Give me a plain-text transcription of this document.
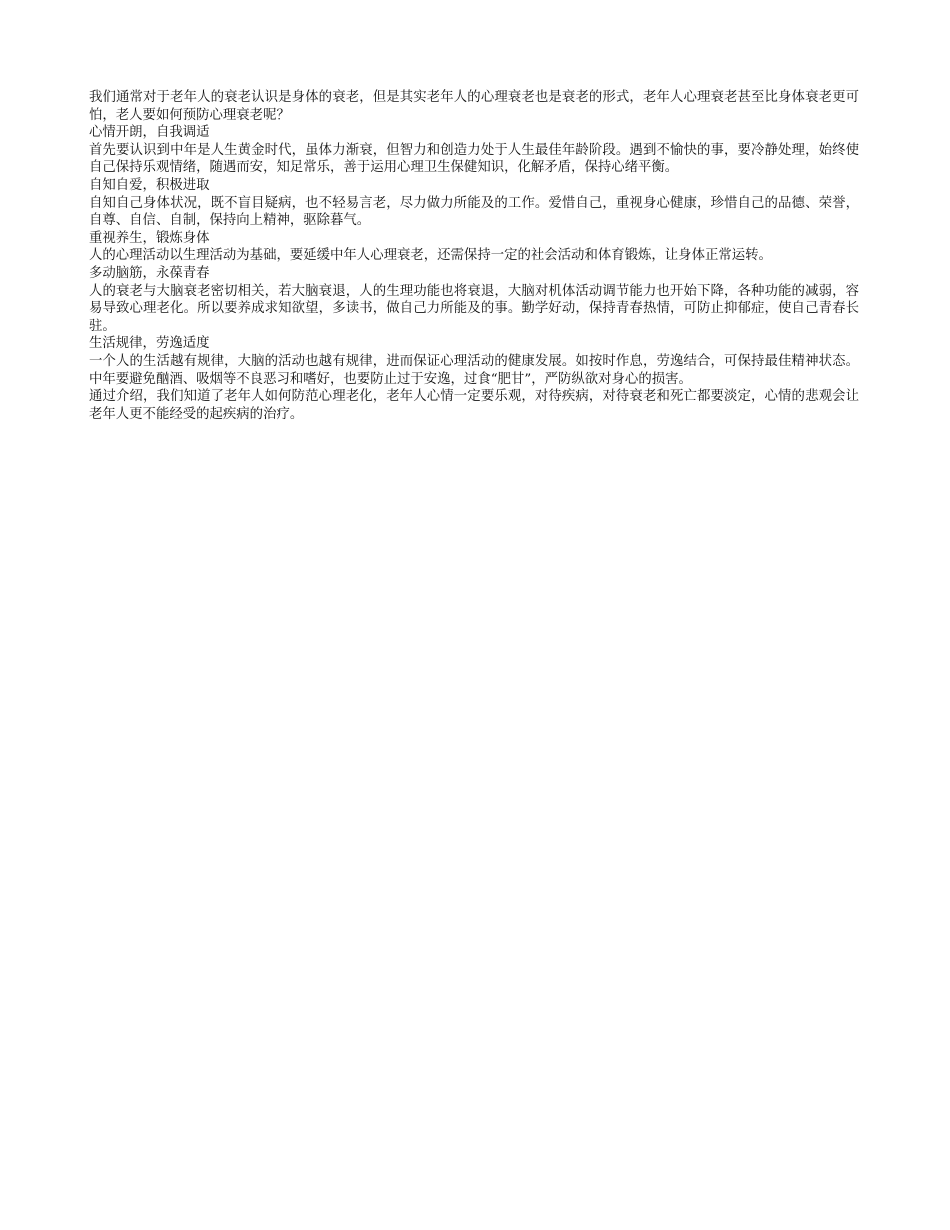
我们通常对于老年人的衰老认识是身体的衰老，但是其实老年人的心理衰老也是衰老的形式，老年人心理衰老甚至比身体衰老更可怕，老人要如何预防心理衰老呢？

心情开朗，自我调适

首先要认识到中年是人生黄金时代，虽体力渐衰，但智力和创造力处于人生最佳年龄阶段。遇到不愉快的事，要冷静处理，始终使自己保持乐观情绪，随遇而安，知足常乐，善于运用心理卫生保健知识，化解矛盾，保持心绪平衡。

自知自爱，积极进取

自知自己身体状况，既不盲目疑病，也不轻易言老，尽力做力所能及的工作。爱惜自己，重视身心健康，珍惜自己的品德、荣誉，自尊、自信、自制，保持向上精神，驱除暮气。

重视养生，锻炼身体

人的心理活动以生理活动为基础，要延缓中年人心理衰老，还需保持一定的社会活动和体育锻炼，让身体正常运转。

多动脑筋，永葆青春

人的衰老与大脑衰老密切相关，若大脑衰退，人的生理功能也将衰退，大脑对机体活动调节能力也开始下降，各种功能的减弱，容易导致心理老化。所以要养成求知欲望，多读书，做自己力所能及的事。勤学好动，保持青春热情，可防止抑郁症，使自己青春长驻。

生活规律，劳逸适度

一个人的生活越有规律，大脑的活动也越有规律，进而保证心理活动的健康发展。如按时作息，劳逸结合，可保持最佳精神状态。中年要避免酗酒、吸烟等不良恶习和嗜好，也要防止过于安逸，过食“肥甘”，严防纵欲对身心的损害。

通过介绍，我们知道了老年人如何防范心理老化，老年人心情一定要乐观，对待疾病，对待衰老和死亡都要淡定，心情的悲观会让老年人更不能经受的起疾病的治疗。
